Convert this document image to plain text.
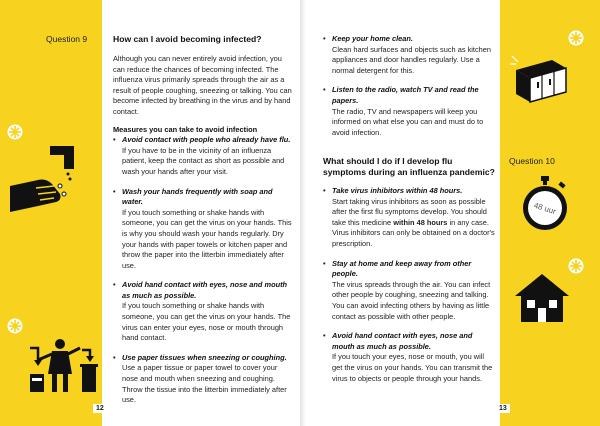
Question 9	How can I avoid becoming infected?

Although you can never entirely avoid infection, you can reduce the chances of becoming infected. The influenza virus primarily spreads through the air as a result of people coughing, sneezing or talking. You can become infected by breathing in the virus and by hand contact.

Measures you can take to avoid infection
• Avoid contact with people who already have flu.
If you have to be in the vicinity of an influenza patient, keep the contact as short as possible and wash your hands after your visit.
• Wash your hands frequently with soap and water.
If you touch something or shake hands with someone, you can get the virus on your hands. This is why you should wash your hands regularly. Dry your hands with paper towels or kitchen paper and throw the paper into the litterbin immediately after use.
• Avoid hand contact with eyes, nose and mouth as much as possible.
If you touch something or shake hands with someone, you can get the virus on your hands. The virus can enter your eyes, nose or mouth through hand contact.
• Use paper tissues when sneezing or coughing.
Use a paper tissue or paper towel to cover your nose and mouth when sneezing and coughing. Throw the tissue into the litterbin immediately after use.
12
• Keep your home clean.
Clean hard surfaces and objects such as kitchen appliances and door handles regularly. Use a normal detergent for this.
• Listen to the radio, watch TV and read the papers.
The radio, TV and newspapers will keep you informed on what else you can and must do to avoid infection.
Question 10
What should I do if I develop flu symptoms during an influenza pandemic?
• Take virus inhibitors within 48 hours.
Start taking virus inhibitors as soon as possible after the first flu symptoms develop. You should take this medicine within 48 hours in any case. Virus inhibitors can only be obtained on a doctor's prescription.
• Stay at home and keep away from other people.
The virus spreads through the air. You can infect other people by coughing, sneezing and talking. You can avoid infecting others by having as little contact as possible with other people.
• Avoid hand contact with eyes, nose and mouth as much as possible.
If you touch your eyes, nose or mouth, you will get the virus on your hands. You can transmit the virus to objects or people through your hands.
13
48 uur
